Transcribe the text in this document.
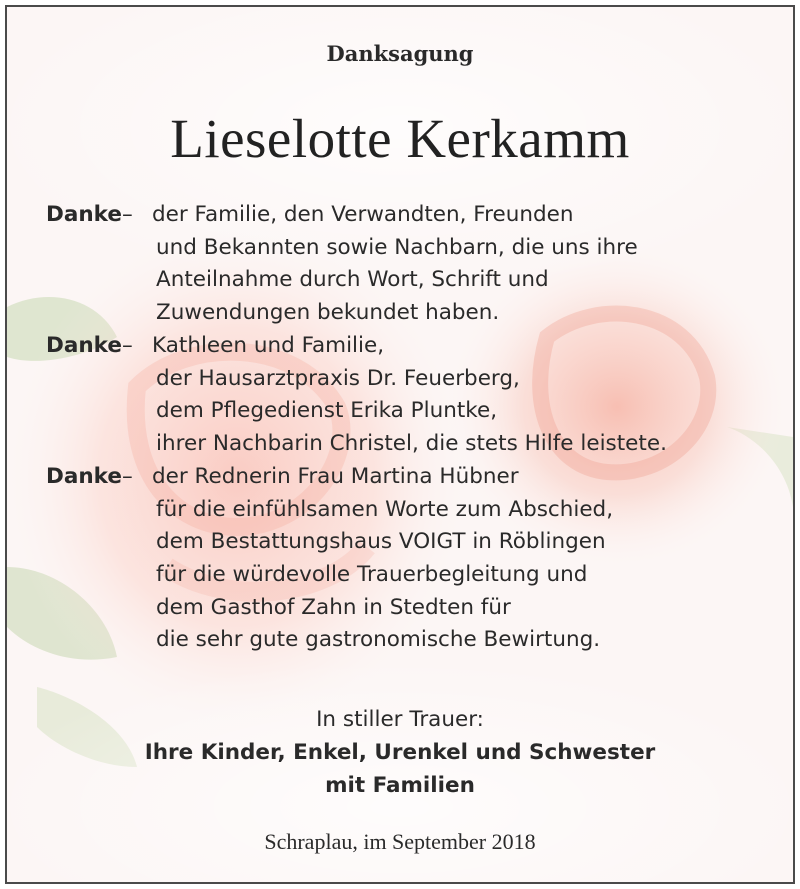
Danksagung
Lieselotte Kerkamm
Danke– der Familie, den Verwandten, Freunden
und Bekannten sowie Nachbarn, die uns ihre
Anteilnahme durch Wort, Schrift und
Zuwendungen bekundet haben.
Danke– Kathleen und Familie,
der Hausarztpraxis Dr. Feuerberg,
dem Pflegedienst Erika Pluntke,
ihrer Nachbarin Christel, die stets Hilfe leistete.
Danke– der Rednerin Frau Martina Hübner
für die einfühlsamen Worte zum Abschied,
dem Bestattungshaus VOIGT in Röblingen
für die würdevolle Trauerbegleitung und
dem Gasthof Zahn in Stedten für
die sehr gute gastronomische Bewirtung.
In stiller Trauer:
Ihre Kinder, Enkel, Urenkel und Schwester
mit Familien
Schraplau, im September 2018
